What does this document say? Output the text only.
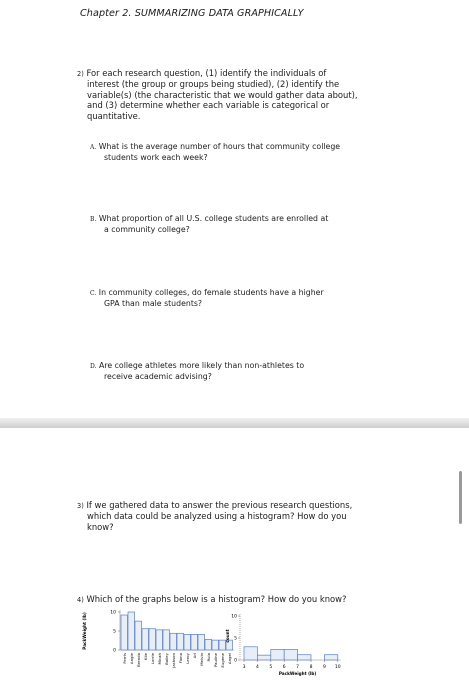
Chapter 2. SUMMARIZING DATA GRAPHICALLY
2) For each research question, (1) identify the individuals of
interest (the group or groups being studied), (2) identify the
variable(s) (the characteristic that we would gather data about),
and (3) determine whether each variable is categorical or
quantitative.
A. What is the average number of hours that community college
students work each week?
B. What proportion of all U.S. college students are enrolled at
a community college?
C. In community colleges, do female students have a higher
GPA than male students?
D. Are college athletes more likely than non-athletes to
receive academic advising?
3) If we gathered data to answer the previous research questions,
which data could be analyzed using a histogram? How do you
know?
4) Which of the graphs below is a histogram? How do you know?
PackWeight (lb)
0
5
10
Ferris Angie Brenda Kile Lorrie Micah Bailey Jackson Fiona Leroy Ari Melvin Rula Pauline Eugene Angel
count
0
5
10
3 4 5 6 7 8 9 10
PackWeight (lb)
